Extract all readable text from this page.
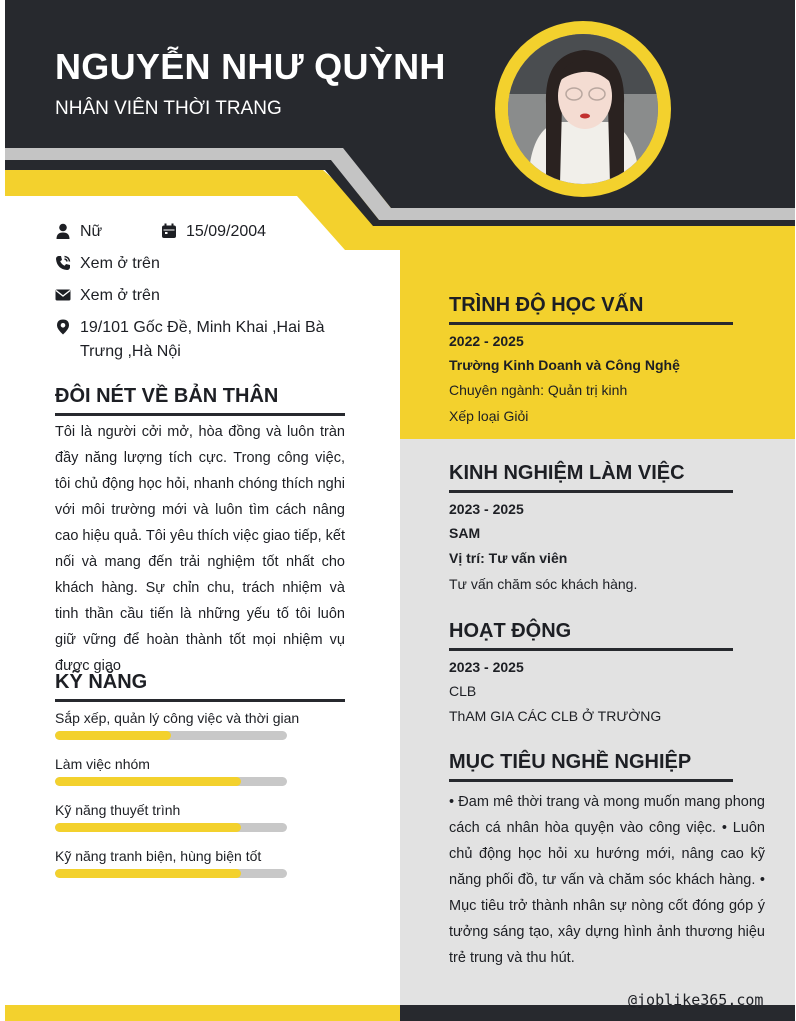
NGUYỄN NHƯ QUỲNH
NHÂN VIÊN THỜI TRANG
Nữ	15/09/2004
Xem ở trên
Xem ở trên
19/101 Gốc Đề, Minh Khai ,Hai Bà
Trưng ,Hà Nội
ĐÔI NÉT VỀ BẢN THÂN

Tôi là người cởi mở, hòa đồng và luôn tràn đầy năng lượng tích cực. Trong công việc, tôi chủ động học hỏi, nhanh chóng thích nghi với môi trường mới và luôn tìm cách nâng cao hiệu quả. Tôi yêu thích việc giao tiếp, kết nối và mang đến trải nghiệm tốt nhất cho khách hàng. Sự chỉn chu, trách nhiệm và tinh thần cầu tiến là những yếu tố tôi luôn giữ vững để hoàn thành tốt mọi nhiệm vụ được giao

KỸ NĂNG
Sắp xếp, quản lý công việc và thời gian
Làm việc nhóm
Kỹ năng thuyết trình
Kỹ năng tranh biện, hùng biện tốt
TRÌNH ĐỘ HỌC VẤN
2022 - 2025
Trường Kinh Doanh và Công Nghệ
Chuyên ngành: Quản trị kinh
Xếp loại Giỏi
KINH NGHIỆM LÀM VIỆC
2023 - 2025
SAM
Vị trí: Tư vấn viên
Tư vấn chăm sóc khách hàng.
HOẠT ĐỘNG
2023 - 2025
CLB
ThAM GIA CÁC CLB Ở TRƯỜNG
MỤC TIÊU NGHỀ NGHIỆP

• Đam mê thời trang và mong muốn mang phong cách cá nhân hòa quyện vào công việc. • Luôn chủ động học hỏi xu hướng mới, nâng cao kỹ năng phối đồ, tư vấn và chăm sóc khách hàng. • Mục tiêu trở thành nhân sự nòng cốt đóng góp ý tưởng sáng tạo, xây dựng hình ảnh thương hiệu trẻ trung và thu hút.

@joblike365.com
